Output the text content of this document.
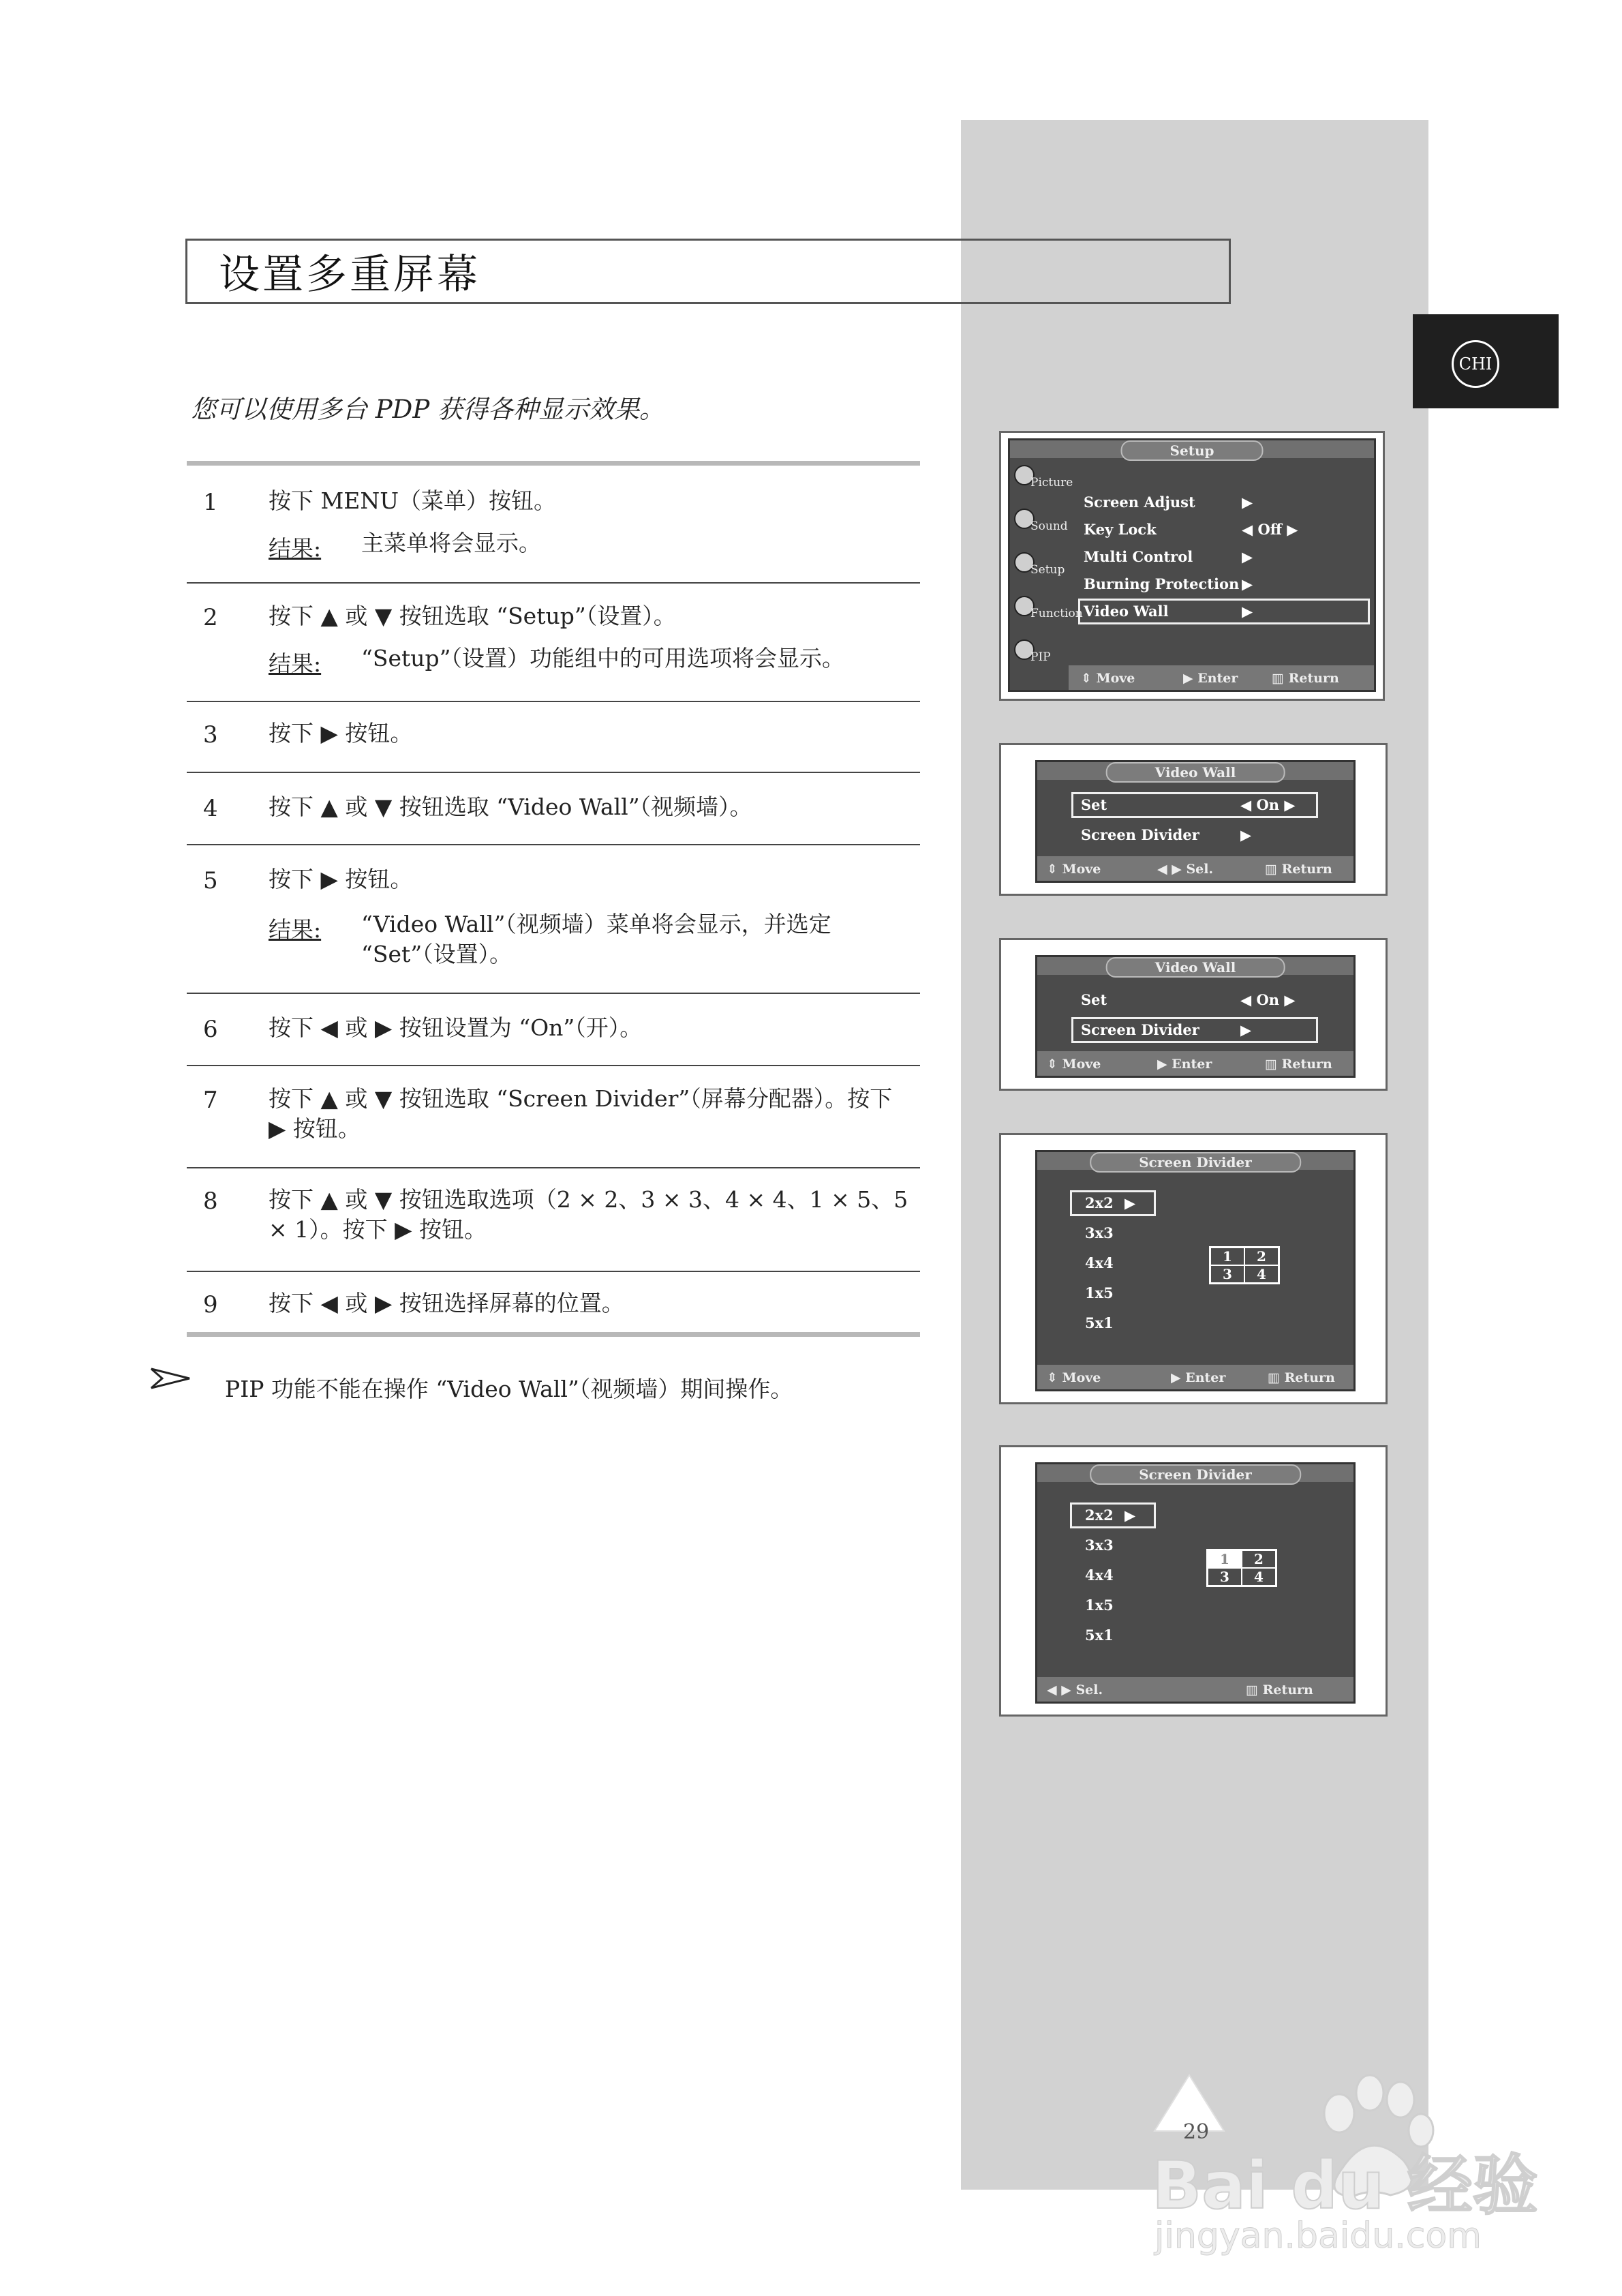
CHI
设置多重屏幕
您可以使用多台 PDP 获得各种显示效果。
1 按下 MENU（菜单）按钮。
结果: 主菜单将会显示。
2 按下 ▲ 或 ▼ 按钮选取 “Setup”（设置）。
结果: “Setup”（设置）功能组中的可用选项将会显示。
3 按下 ▶ 按钮。
4 按下 ▲ 或 ▼ 按钮选取 “Video Wall”（视频墙）。
5 按下 ▶ 按钮。
结果: “Video Wall”（视频墙）菜单将会显示，并选定 “Set”（设置）。
6 按下 ◀ 或 ▶ 按钮设置为 “On”（开）。
7 按下 ▲ 或 ▼ 按钮选取 “Screen Divider”（屏幕分配器）。按下 ▶ 按钮。
8 按下 ▲ 或 ▼ 按钮选取选项（2 × 2、3 × 3、4 × 4、1 × 5、5 × 1）。按下 ▶ 按钮。
9 按下 ◀ 或 ▶ 按钮选择屏幕的位置。
PIP 功能不能在操作 “Video Wall”（视频墙）期间操作。
Setup
Picture
Sound
Setup
Function
PIP
Screen Adjust	▶
Key Lock	◀ Off ▶
Multi Control	▶
Burning Protection ▶
Video Wall	▶
⇕ Move	▶ Enter	▥ Return
Video Wall
Set	◀ On ▶
Screen Divider	▶
⇕ Move	◀ ▶ Sel.	▥ Return
Video Wall
Set	◀ On ▶
Screen Divider	▶
⇕ Move	▶ Enter	▥ Return
Screen Divider
2x2 ▶
3x3
4x4
1x5
5x1
1	2
3	4
⇕ Move	▶ Enter	▥ Return
Screen Divider
2x2 ▶
3x3
4x4
1x5
5x1
1	2
3	4
◀ ▶ Sel.	▥ Return
29
Bai du 经验
jingyan.baidu.com
